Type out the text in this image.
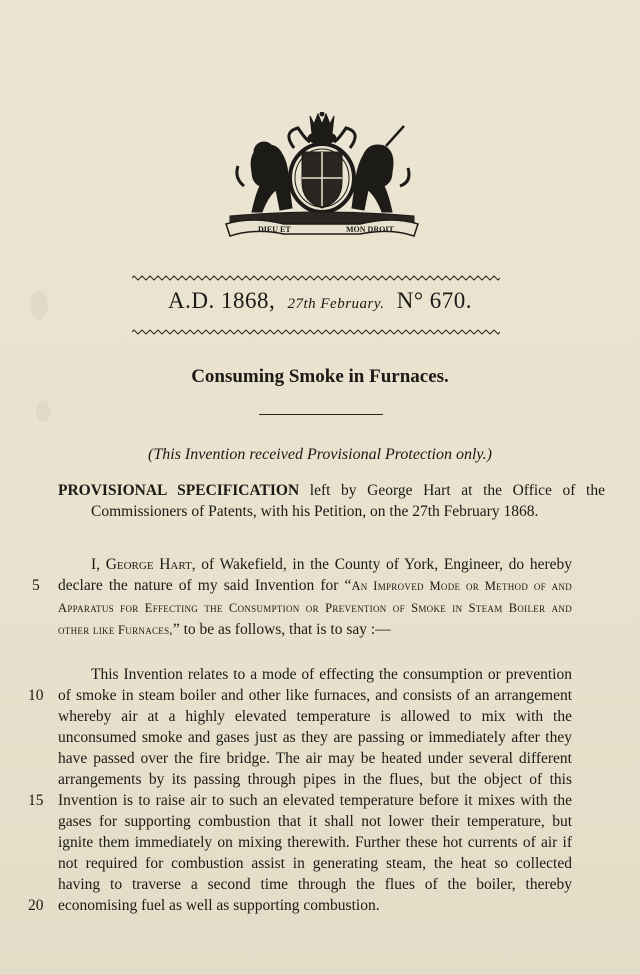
DIEU ET	MON DROIT
A.D. 1868, 27th February. N° 670.
Consuming Smoke in Furnaces.
(This Invention received Provisional Protection only.)
PROVISIONAL SPECIFICATION left by George Hart at the Office of the Commissioners of Patents, with his Petition, on the 27th February 1868.
I, George Hart, of Wakefield, in the County of York, Engineer, do hereby declare the nature of my said Invention for “An Improved Mode or Method of and Apparatus for Effecting the Consumption or Prevention of Smoke in Steam Boiler and other like Furnaces,” to be as follows, that is to say :—
This Invention relates to a mode of effecting the consumption or prevention of smoke in steam boiler and other like furnaces, and consists of an arrangement whereby air at a highly elevated temperature is allowed to mix with the unconsumed smoke and gases just as they are passing or immediately after they have passed over the fire bridge. The air may be heated under several different arrangements by its passing through pipes in the flues, but the object of this Invention is to raise air to such an elevated temperature before it mixes with the gases for supporting combustion that it shall not lower their temperature, but ignite them immediately on mixing therewith. Further these hot currents of air if not required for combustion assist in generating steam, the heat so collected having to traverse a second time through the flues of the boiler, thereby economising fuel as well as supporting combustion.
5
10
15
20
